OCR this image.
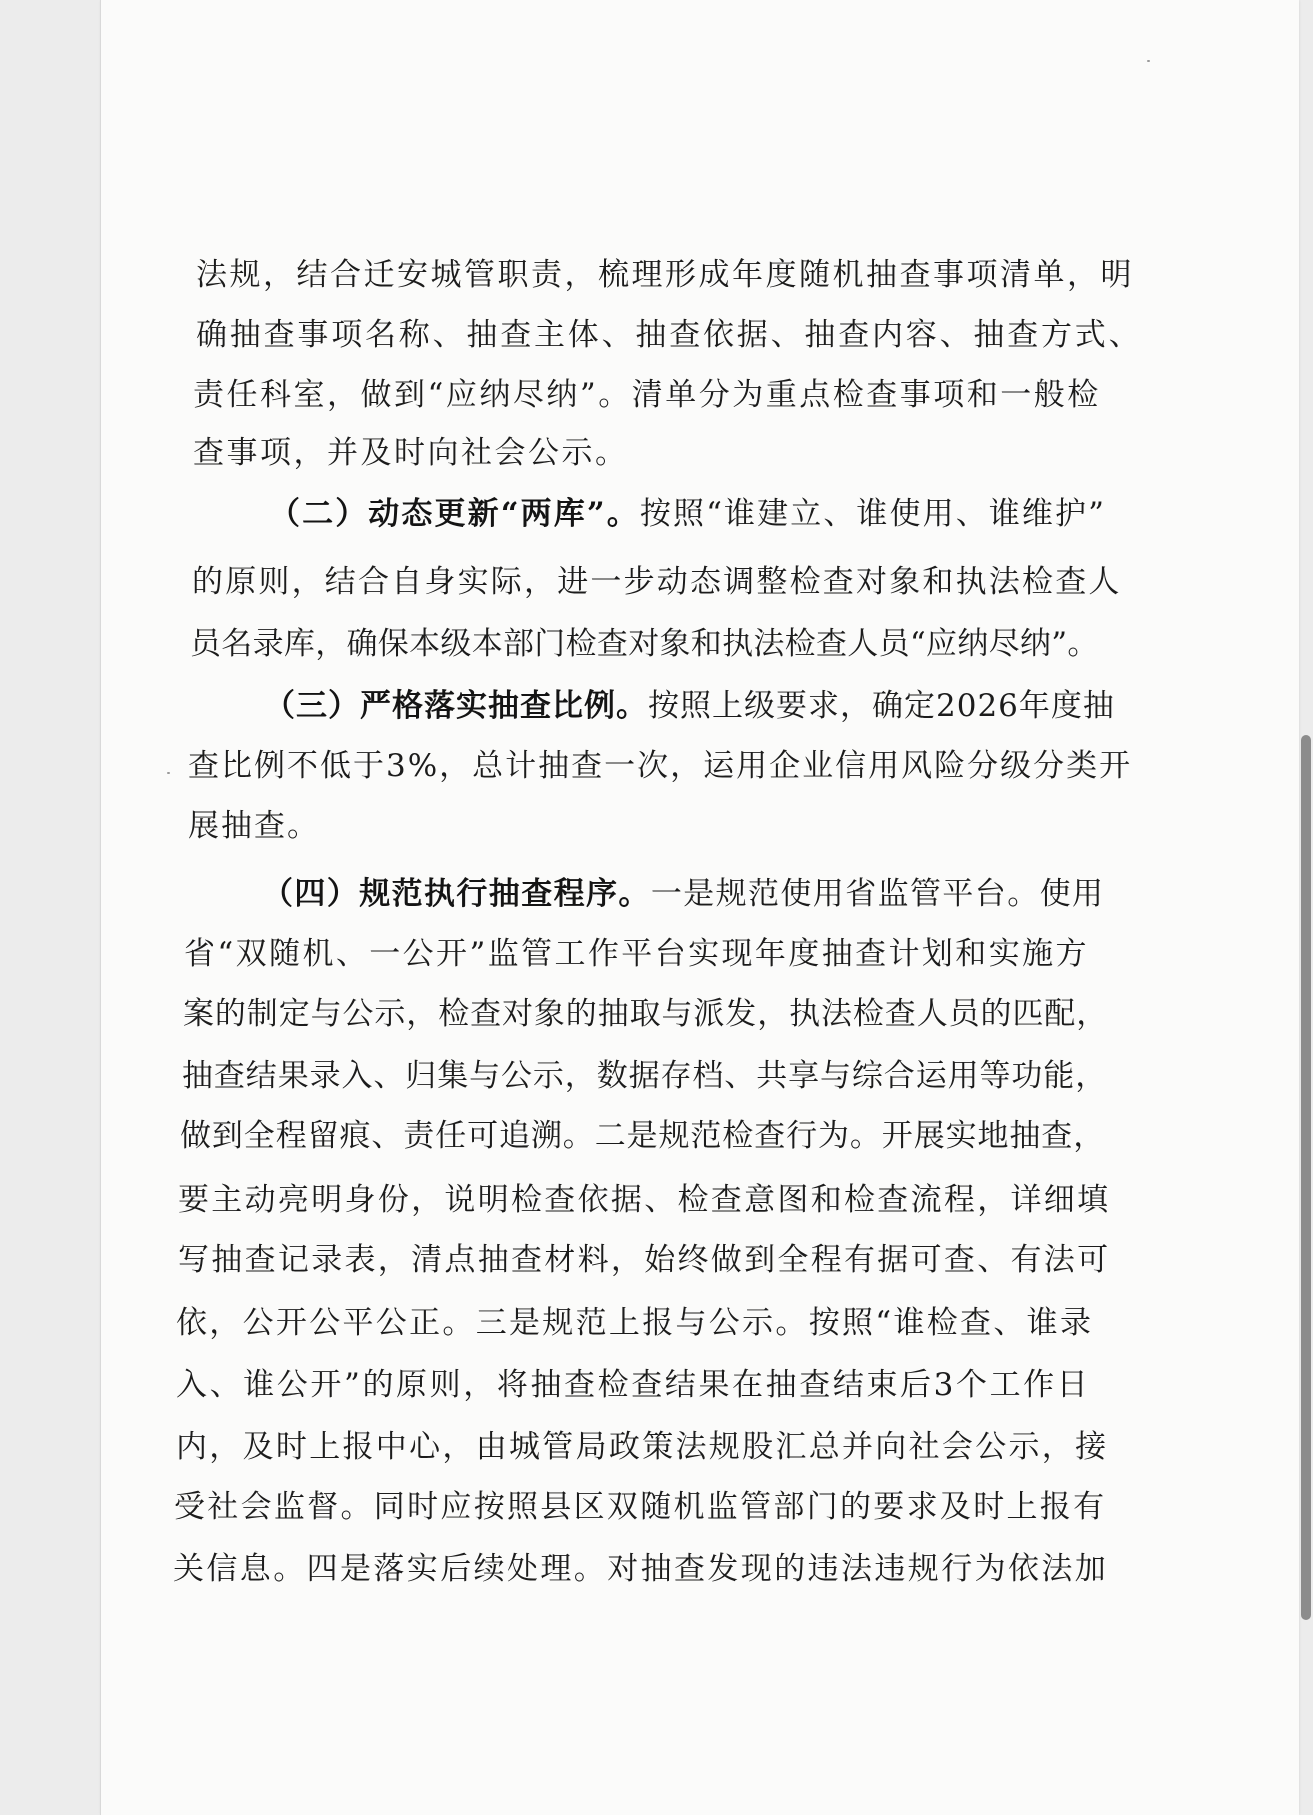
法规，结合迁安城管职责，梳理形成年度随机抽查事项清单，明

确抽查事项名称、抽查主体、抽查依据、抽查内容、抽查方式、

责任科室，做到“应纳尽纳”。清单分为重点检查事项和一般检

查事项，并及时向社会公示。

（二）动态更新“两库”。按照“谁建立、谁使用、谁维护”

的原则，结合自身实际，进一步动态调整检查对象和执法检查人

员名录库，确保本级本部门检查对象和执法检查人员“应纳尽纳”。

（三）严格落实抽查比例。按照上级要求，确定2026年度抽

查比例不低于3%，总计抽查一次，运用企业信用风险分级分类开

展抽查。

（四）规范执行抽查程序。一是规范使用省监管平台。使用

省“双随机、一公开”监管工作平台实现年度抽查计划和实施方

案的制定与公示，检查对象的抽取与派发，执法检查人员的匹配，

抽查结果录入、归集与公示，数据存档、共享与综合运用等功能，

做到全程留痕、责任可追溯。二是规范检查行为。开展实地抽查，

要主动亮明身份，说明检查依据、检查意图和检查流程，详细填

写抽查记录表，清点抽查材料，始终做到全程有据可查、有法可

依，公开公平公正。三是规范上报与公示。按照“谁检查、谁录

入、谁公开”的原则，将抽查检查结果在抽查结束后3个工作日

内，及时上报中心，由城管局政策法规股汇总并向社会公示，接

受社会监督。同时应按照县区双随机监管部门的要求及时上报有

关信息。四是落实后续处理。对抽查发现的违法违规行为依法加
